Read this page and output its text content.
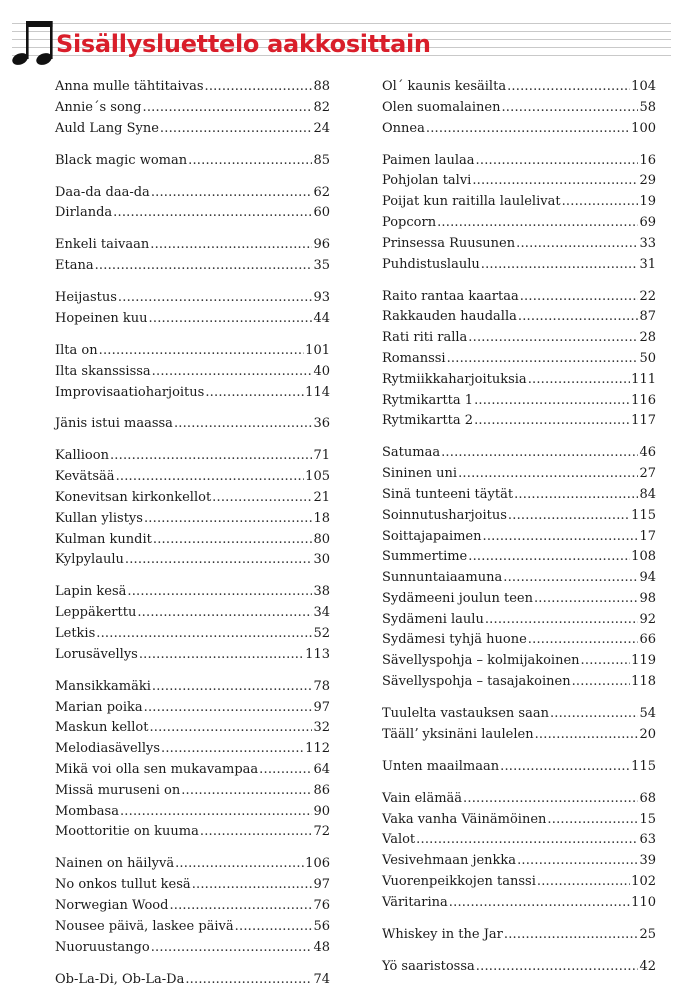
Sisällysluettelo aakkosittain
Anna mulle tähtitaivas .....	88
Annie´s song .....	82
Auld Lang Syne .....	24
Black magic woman .....	85
Daa-da daa-da .....	62
Dirlanda .....	60
Enkeli taivaan .....	96
Etana .....	35
Heijastus .....	93
Hopeinen kuu .....	44
Ilta on .....	101
Ilta skanssissa .....	40
Improvisaatioharjoitus .....	114
Jänis istui maassa .....	36
Kallioon .....	71
Kevätsää .....	105
Konevitsan kirkonkellot .....	21
Kullan ylistys .....	18
Kulman kundit .....	80
Kylpylaulu .....	30
Lapin kesä .....	38
Leppäkerttu .....	34
Letkis .....	52
Lorusävellys .....	113
Mansikkamäki .....	78
Marian poika .....	97
Maskun kellot .....	32
Melodiasävellys .....	112
Mikä voi olla sen mukavampaa .....	64
Missä muruseni on .....	86
Mombasa .....	90
Moottoritie on kuuma .....	72
Nainen on häilyvä .....	106
No onkos tullut kesä .....	97
Norwegian Wood .....	76
Nousee päivä, laskee päivä .....	56
Nuoruustango .....	48
Ob-La-Di, Ob-La-Da .....	74
Ol´ kaunis kesäilta .....	104
Olen suomalainen .....	58
Onnea .....	100
Paimen laulaa .....	16
Pohjolan talvi .....	29
Poijat kun raitilla laulelivat .....	19
Popcorn .....	69
Prinsessa Ruusunen .....	33
Puhdistuslaulu .....	31
Raito rantaa kaartaa .....	22
Rakkauden haudalla .....	87
Rati riti ralla .....	28
Romanssi .....	50
Rytmiikkaharjoituksia .....	111
Rytmikartta 1 .....	116
Rytmikartta 2 .....	117
Satumaa .....	46
Sininen uni .....	27
Sinä tunteeni täytät .....	84
Soinnutusharjoitus .....	115
Soittajapaimen .....	17
Summertime .....	108
Sunnuntaiaamuna .....	94
Sydämeeni joulun teen .....	98
Sydämeni laulu .....	92
Sydämesi tyhjä huone .....	66
Sävellyspohja – kolmijakoinen .....	119
Sävellyspohja – tasajakoinen .....	118
Tuulelta vastauksen saan .....	54
Täällʼ yksinäni laulelen .....	20
Unten maailmaan .....	115
Vain elämää .....	68
Vaka vanha Väinämöinen .....	15
Valot .....	63
Vesivehmaan jenkka .....	39
Vuorenpeikkojen tanssi .....	102
Väritarina .....	110
Whiskey in the Jar .....	25
Yö saaristossa .....	42
